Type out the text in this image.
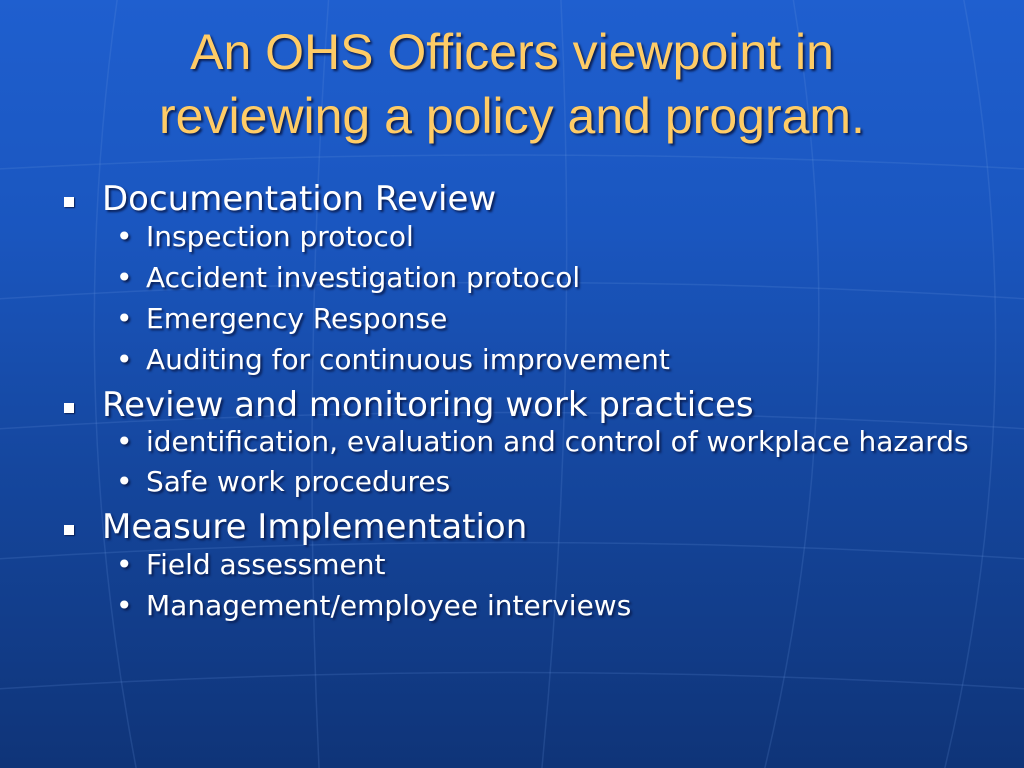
An OHS Officers viewpoint in
reviewing a policy and program.

Documentation Review

• Inspection protocol
• Accident investigation protocol
• Emergency Response
• Auditing for continuous improvement

Review and monitoring work practices

• identification, evaluation and control of workplace hazards
• Safe work procedures

Measure Implementation

• Field assessment
• Management/employee interviews
